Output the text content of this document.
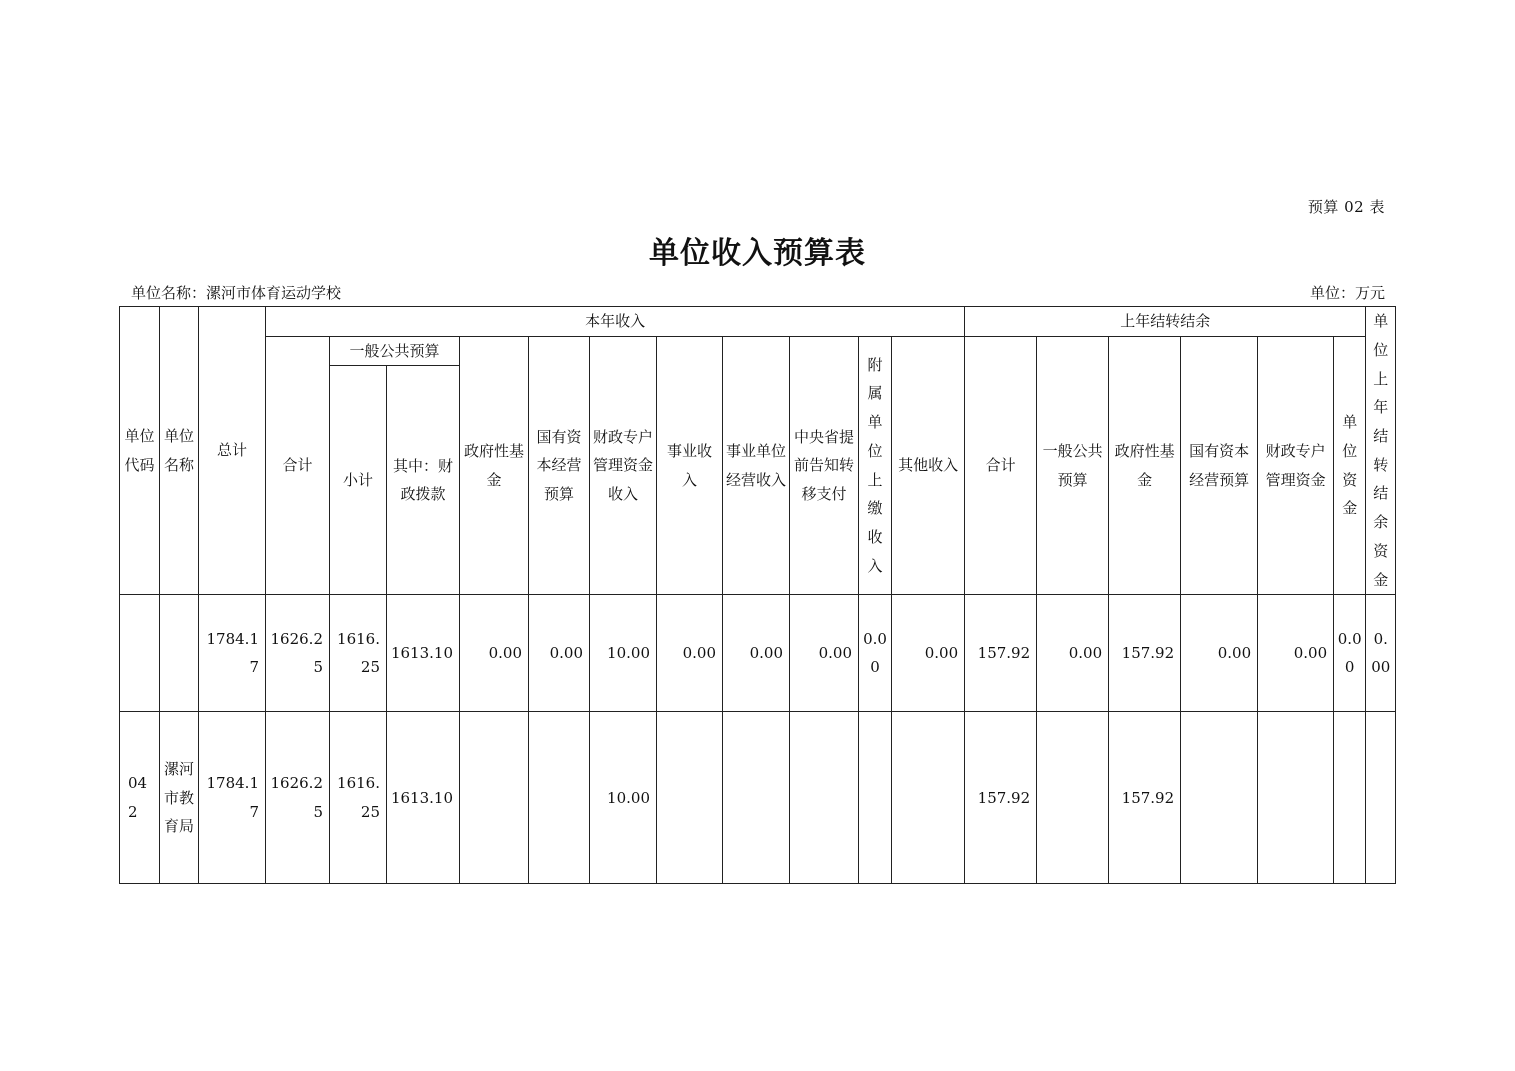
预算 02 表
单位收入预算表
单位名称：漯河市体育运动学校	单位：万元
单位代码	单位名称	总计	本年收入											上年结转结余						单位上年结转结余资金
			合计	一般公共预算		政府性基金	国有资本经营预算	财政专户管理资金收入	事业收入	事业单位经营收入	中央省提前告知转移支付	附属单位上缴收入	其他收入	合计	一般公共预算	政府性基金	国有资本经营预算	财政专户管理资金	单位资金	
				小计	其中：财政拨款															
		1784.17	1626.25	1616.25	1613.10	0.00	0.00	10.00	0.00	0.00	0.00	0.00	0.00	157.92	0.00	157.92	0.00	0.00	0.00	0.00
042	漯河市教育局	1784.17	1626.25	1616.25	1613.10			10.00						157.92		157.92				
